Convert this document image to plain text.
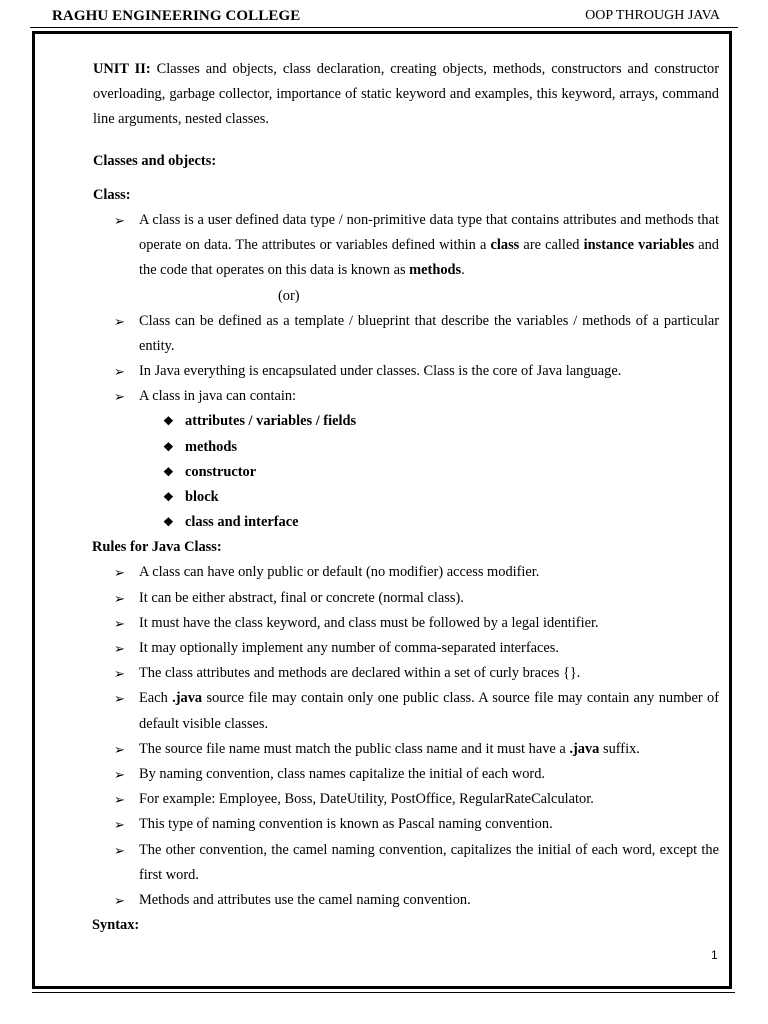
RAGHU ENGINEERING COLLEGE	OOP THROUGH JAVA

UNIT II: Classes and objects, class declaration, creating objects, methods, constructors and constructor overloading, garbage collector, importance of static keyword and examples, this keyword, arrays, command line arguments, nested classes.

Classes and objects:

Class:

➢ A class is a user defined data type / non-primitive data type that contains attributes and methods that operate on data. The attributes or variables defined within a class are called instance variables and the code that operates on this data is known as methods.
(or)
➢ Class can be defined as a template / blueprint that describe the variables / methods of a particular entity.
➢ In Java everything is encapsulated under classes. Class is the core of Java language.
➢ A class in java can contain:
❖ attributes / variables / fields
❖ methods
❖ constructor
❖ block
❖ class and interface

Rules for Java Class:

➢ A class can have only public or default (no modifier) access modifier.
➢ It can be either abstract, final or concrete (normal class).
➢ It must have the class keyword, and class must be followed by a legal identifier.
➢ It may optionally implement any number of comma-separated interfaces.
➢ The class attributes and methods are declared within a set of curly braces {}.
➢ Each .java source file may contain only one public class. A source file may contain any number of default visible classes.
➢ The source file name must match the public class name and it must have a .java suffix.
➢ By naming convention, class names capitalize the initial of each word.
➢ For example: Employee, Boss, DateUtility, PostOffice, RegularRateCalculator.
➢ This type of naming convention is known as Pascal naming convention.
➢ The other convention, the camel naming convention, capitalizes the initial of each word, except the first word.
➢ Methods and attributes use the camel naming convention.

Syntax:

1
